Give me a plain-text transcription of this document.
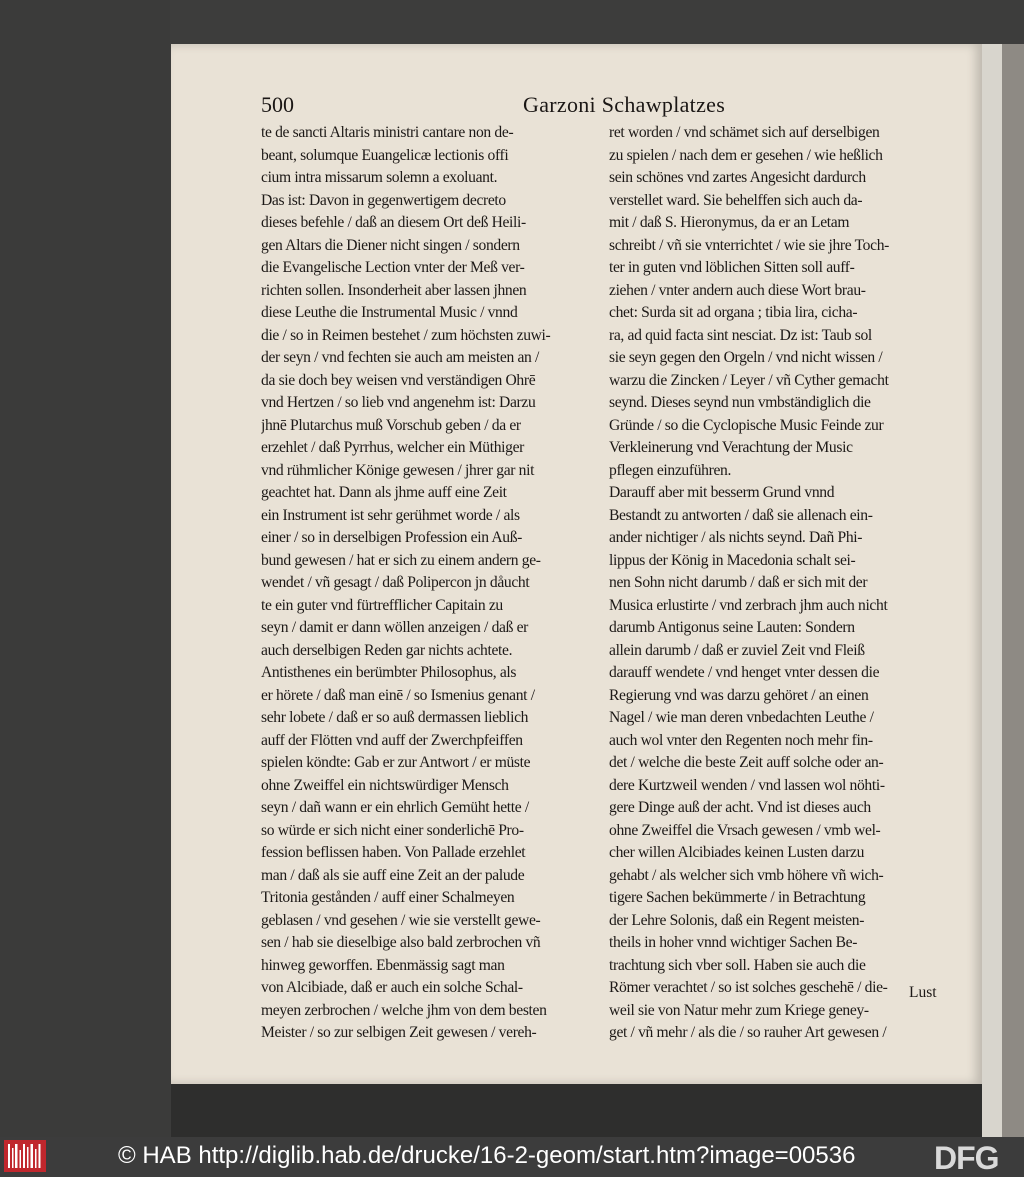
500	Garzoni Schawplatzes
te de sancti Altaris ministri cantare non de-
beant, solumque Euangelicæ lectionis offi
cium intra missarum solemn a exoluant.
Das ist: Davon in gegenwertigem decreto
dieses befehle / daß an diesem Ort deß Heili-
gen Altars die Diener nicht singen / sondern
die Evangelische Lection vnter der Meß ver-
richten sollen. Insonderheit aber lassen jhnen
diese Leuthe die Instrumental Music / vnnd
die / so in Reimen bestehet / zum höchsten zuwi-
der seyn / vnd fechten sie auch am meisten an /
da sie doch bey weisen vnd verständigen Ohrē
vnd Hertzen / so lieb vnd angenehm ist: Darzu
jhnē Plutarchus muß Vorschub geben / da er
erzehlet / daß Pyrrhus, welcher ein Müthiger
vnd rühmlicher Könige gewesen / jhrer gar nit
geachtet hat. Dann als jhme auff eine Zeit
ein Instrument ist sehr gerühmet worde / als
einer / so in derselbigen Profession ein Auß-
bund gewesen / hat er sich zu einem andern ge-
wendet / vñ gesagt / daß Polipercon jn dåucht
te ein guter vnd fürtrefflicher Capitain zu
seyn / damit er dann wöllen anzeigen / daß er
auch derselbigen Reden gar nichts achtete.
Antisthenes ein berümbter Philosophus, als
er hörete / daß man einē / so Ismenius genant /
sehr lobete / daß er so auß dermassen lieblich
auff der Flötten vnd auff der Zwerchpfeiffen
spielen köndte: Gab er zur Antwort / er müste
ohne Zweiffel ein nichtswürdiger Mensch
seyn / dañ wann er ein ehrlich Gemüht hette /
so würde er sich nicht einer sonderlichē Pro-
fession beflissen haben. Von Pallade erzehlet
man / daß als sie auff eine Zeit an der palude
Tritonia gestånden / auff einer Schalmeyen
geblasen / vnd gesehen / wie sie verstellt gewe-
sen / hab sie dieselbige also bald zerbrochen vñ
hinweg geworffen. Ebenmässig sagt man
von Alcibiade, daß er auch ein solche Schal-
meyen zerbrochen / welche jhm von dem besten
Meister / so zur selbigen Zeit gewesen / vereh-
ret worden / vnd schämet sich auf derselbigen
zu spielen / nach dem er gesehen / wie heßlich
sein schönes vnd zartes Angesicht dardurch
verstellet ward. Sie behelffen sich auch da-
mit / daß S. Hieronymus, da er an Letam
schreibt / vñ sie vnterrichtet / wie sie jhre Toch-
ter in guten vnd löblichen Sitten soll auff-
ziehen / vnter andern auch diese Wort brau-
chet: Surda sit ad organa ; tibia lira, cicha-
ra, ad quid facta sint nesciat. Dz ist: Taub sol
sie seyn gegen den Orgeln / vnd nicht wissen /
warzu die Zincken / Leyer / vñ Cyther gemacht
seynd. Dieses seynd nun vmbständiglich die
Gründe / so die Cyclopische Music Feinde zur
Verkleinerung vnd Verachtung der Music
pflegen einzuführen.
Darauff aber mit besserm Grund vnnd
Bestandt zu antworten / daß sie allenach ein-
ander nichtiger / als nichts seynd. Dañ Phi-
lippus der König in Macedonia schalt sei-
nen Sohn nicht darumb / daß er sich mit der
Musica erlustirte / vnd zerbrach jhm auch nicht
darumb Antigonus seine Lauten: Sondern
allein darumb / daß er zuviel Zeit vnd Fleiß
darauff wendete / vnd henget vnter dessen die
Regierung vnd was darzu gehöret / an einen
Nagel / wie man deren vnbedachten Leuthe /
auch wol vnter den Regenten noch mehr fin-
det / welche die beste Zeit auff solche oder an-
dere Kurtzweil wenden / vnd lassen wol nöhti-
gere Dinge auß der acht. Vnd ist dieses auch
ohne Zweiffel die Vrsach gewesen / vmb wel-
cher willen Alcibiades keinen Lusten darzu
gehabt / als welcher sich vmb höhere vñ wich-
tigere Sachen bekümmerte / in Betrachtung
der Lehre Solonis, daß ein Regent meisten-
theils in hoher vnnd wichtiger Sachen Be-
trachtung sich vber soll. Haben sie auch die
Römer verachtet / so ist solches geschehē / die-
weil sie von Natur mehr zum Kriege geney-
get / vñ mehr / als die / so rauher Art gewesen /
Lust
© HAB http://diglib.hab.de/drucke/16-2-geom/start.htm?image=00536 DFG
